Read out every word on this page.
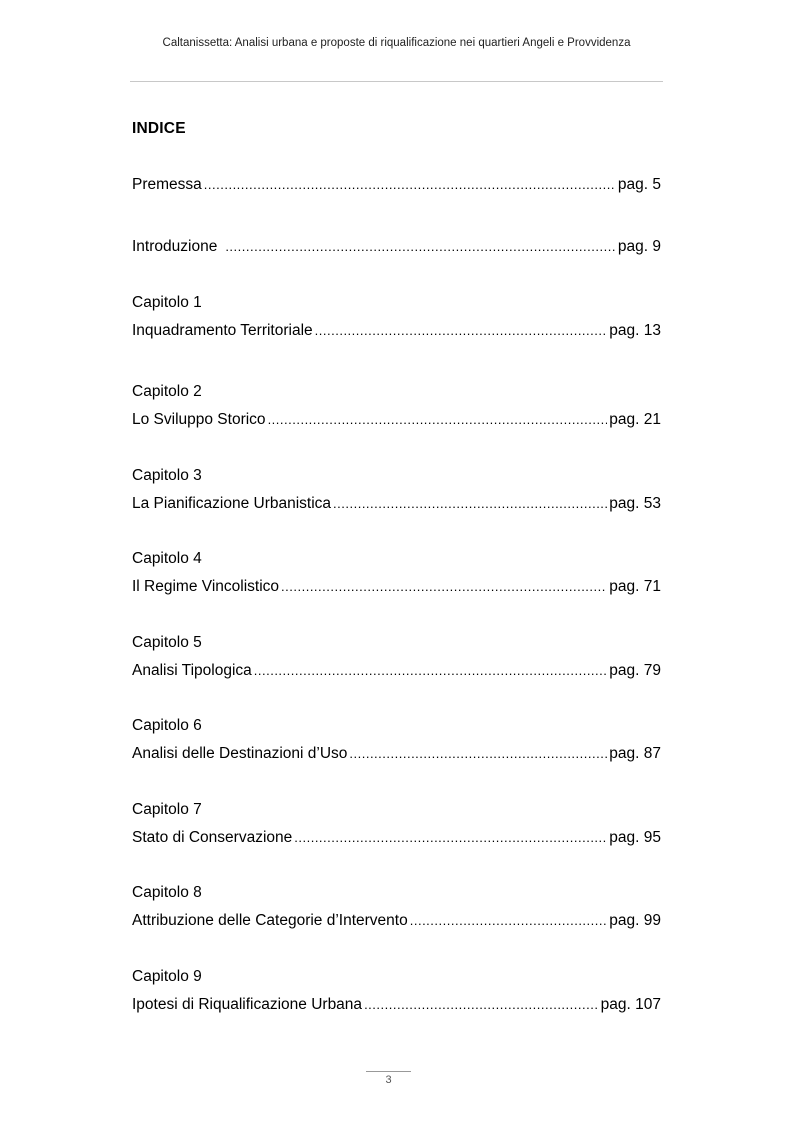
Caltanissetta: Analisi urbana e proposte di riqualificazione nei quartieri Angeli e Provvidenza
INDICE
Premessa .....	pag. 5
Introduzione .....	pag. 9
Capitolo 1
Inquadramento Territoriale .....	pag. 13
Capitolo 2
Lo Sviluppo Storico .....	pag. 21
Capitolo 3
La Pianificazione Urbanistica .....	pag. 53
Capitolo 4
Il Regime Vincolistico .....	pag. 71
Capitolo 5
Analisi Tipologica .....	pag. 79
Capitolo 6
Analisi delle Destinazioni d’Uso .....	pag. 87
Capitolo 7
Stato di Conservazione .....	pag. 95
Capitolo 8
Attribuzione delle Categorie d’Intervento .....	pag. 99
Capitolo 9
Ipotesi di Riqualificazione Urbana .....	pag. 107
3
